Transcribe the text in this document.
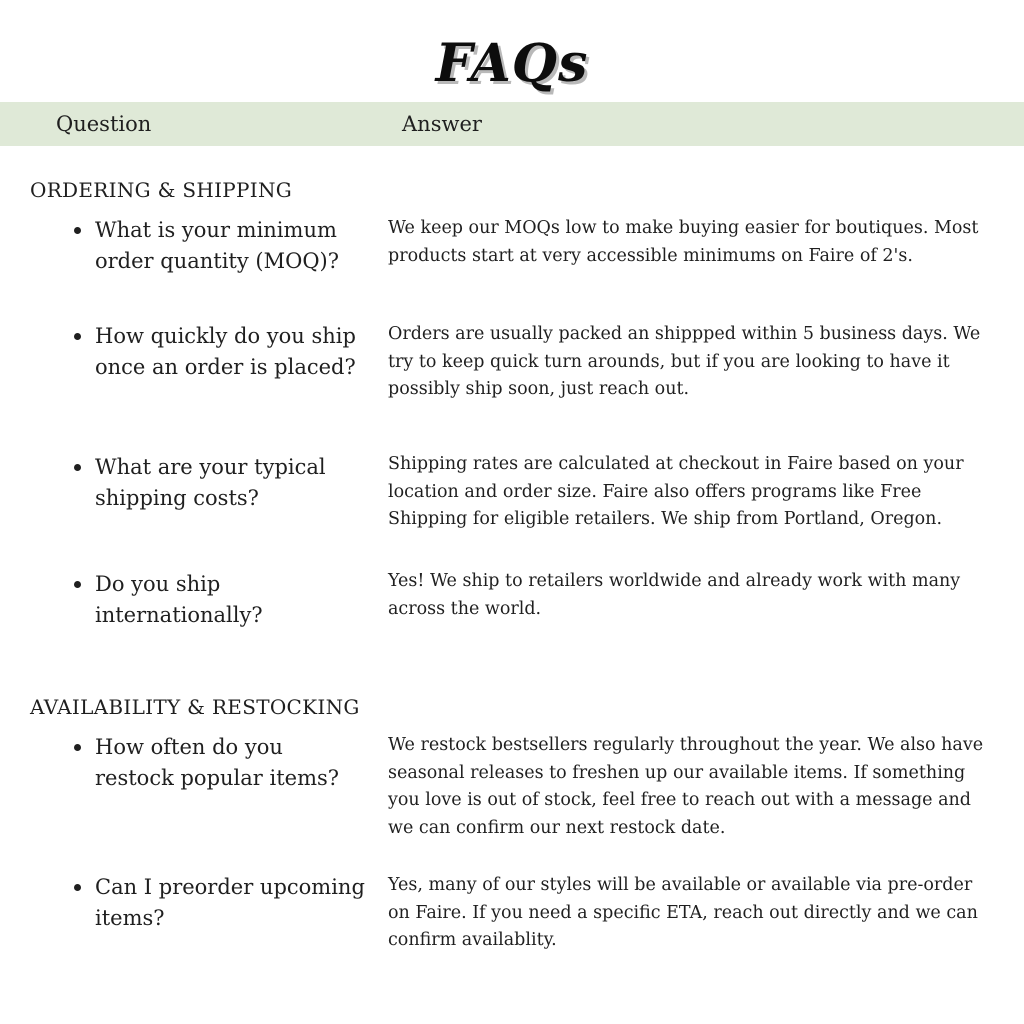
FAQs
Question	Answer
ORDERING & SHIPPING
What is your minimum order quantity (MOQ)?
We keep our MOQs low to make buying easier for boutiques. Most products start at very accessible minimums on Faire of 2's.
How quickly do you ship once an order is placed?
Orders are usually packed an shippped within 5 business days. We try to keep quick turn arounds, but if you are looking to have it possibly ship soon, just reach out.
What are your typical shipping costs?
Shipping rates are calculated at checkout in Faire based on your location and order size. Faire also offers programs like Free Shipping for eligible retailers. We ship from Portland, Oregon.
Do you ship internationally?
Yes! We ship to retailers worldwide and already work with many across the world.
AVAILABILITY & RESTOCKING
How often do you restock popular items?
We restock bestsellers regularly throughout the year. We also have seasonal releases to freshen up our available items. If something you love is out of stock, feel free to reach out with a message and we can confirm our next restock date.
Can I preorder upcoming items?
Yes, many of our styles will be available or available via pre-order on Faire. If you need a specific ETA, reach out directly and we can confirm availablity.
